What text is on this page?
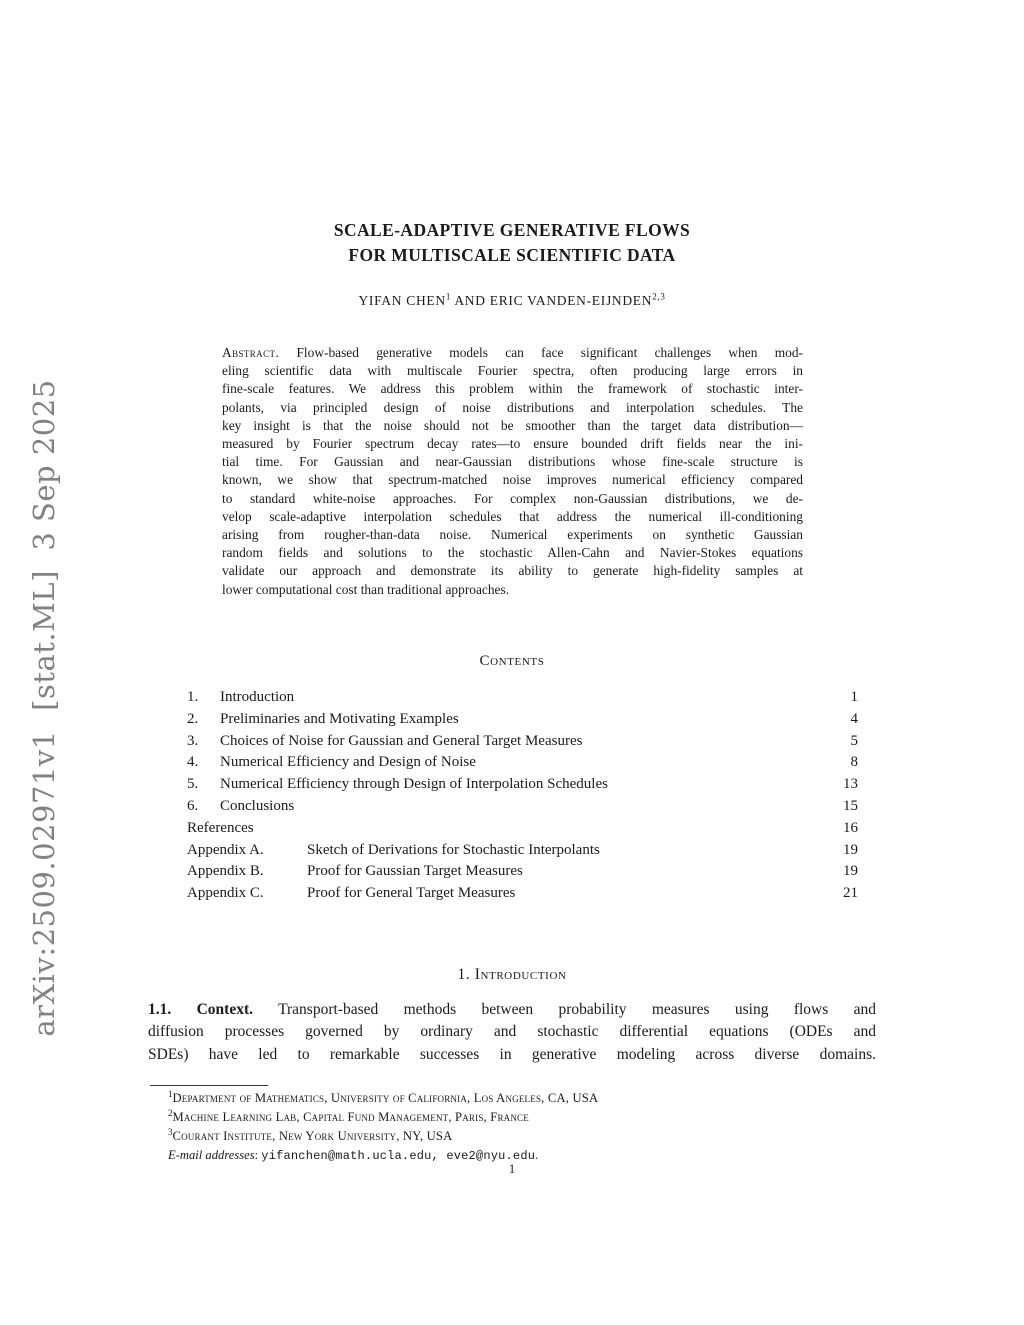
arXiv:2509.02971v1  [stat.ML]  3 Sep 2025
SCALE-ADAPTIVE GENERATIVE FLOWS
FOR MULTISCALE SCIENTIFIC DATA
YIFAN CHEN$^1$ AND ERIC VANDEN-EIJNDEN$^{2,3}$
Abstract. Flow-based generative models can face significant challenges when mod-
eling scientific data with multiscale Fourier spectra, often producing large errors in
fine-scale features. We address this problem within the framework of stochastic inter-
polants, via principled design of noise distributions and interpolation schedules. The
key insight is that the noise should not be smoother than the target data distribution—
measured by Fourier spectrum decay rates—to ensure bounded drift fields near the ini-
tial time. For Gaussian and near-Gaussian distributions whose fine-scale structure is
known, we show that spectrum-matched noise improves numerical efficiency compared
to standard white-noise approaches. For complex non-Gaussian distributions, we de-
velop scale-adaptive interpolation schedules that address the numerical ill-conditioning
arising from rougher-than-data noise. Numerical experiments on synthetic Gaussian
random fields and solutions to the stochastic Allen-Cahn and Navier-Stokes equations
validate our approach and demonstrate its ability to generate high-fidelity samples at
lower computational cost than traditional approaches.
Contents
1.	Introduction	1
2.	Preliminaries and Motivating Examples	4
3.	Choices of Noise for Gaussian and General Target Measures	5
4.	Numerical Efficiency and Design of Noise	8
5.	Numerical Efficiency through Design of Interpolation Schedules	13
6.	Conclusions	15
References	16
Appendix A.	Sketch of Derivations for Stochastic Interpolants	19
Appendix B.	Proof for Gaussian Target Measures	19
Appendix C.	Proof for General Target Measures	21
1. Introduction
1.1. Context. Transport-based methods between probability measures using flows and
diffusion processes governed by ordinary and stochastic differential equations (ODEs and
SDEs) have led to remarkable successes in generative modeling across diverse domains.
$^1$Department of Mathematics, University of California, Los Angeles, CA, USA
$^2$Machine Learning Lab, Capital Fund Management, Paris, France
$^3$Courant Institute, New York University, NY, USA
E-mail addresses: yifanchen@math.ucla.edu, eve2@nyu.edu.
1
